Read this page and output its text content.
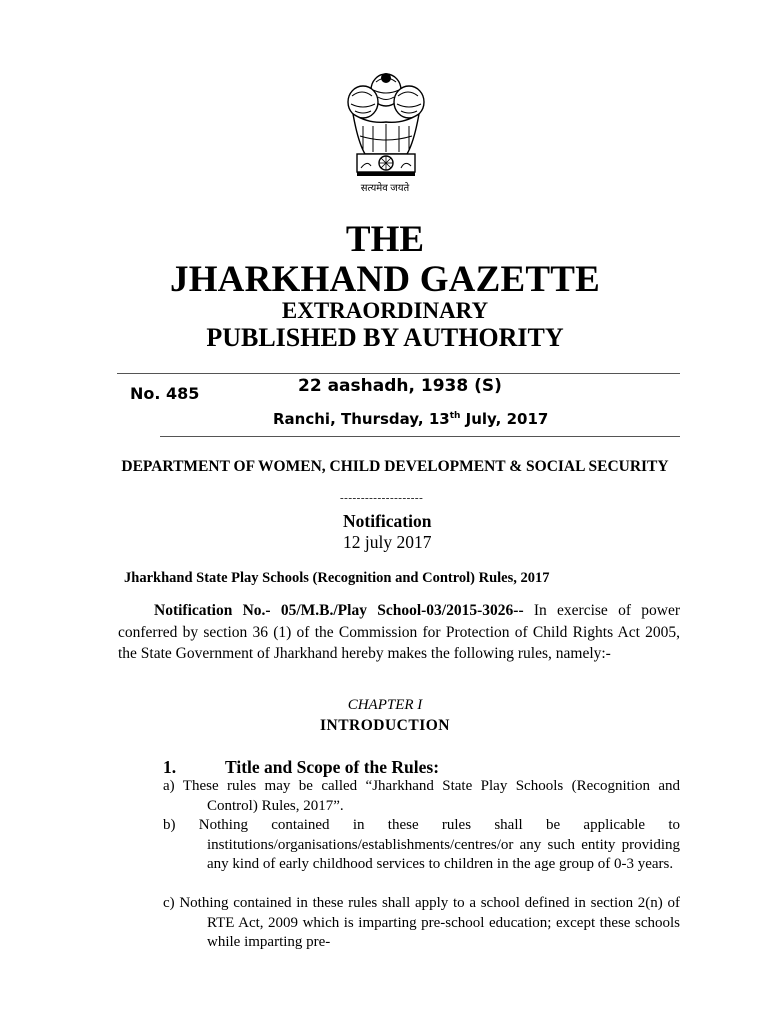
सत्यमेव जयते
THE
JHARKHAND GAZETTE
EXTRAORDINARY
PUBLISHED BY AUTHORITY
No. 485	22 aashadh, 1938 (S)
Ranchi, Thursday, 13th July, 2017
DEPARTMENT OF WOMEN, CHILD DEVELOPMENT & SOCIAL SECURITY
--------------------
Notification
12 july 2017
Jharkhand State Play Schools (Recognition and Control) Rules, 2017
Notification No.- 05/M.B./Play School-03/2015-3026-- In exercise of power conferred by section 36 (1) of the Commission for Protection of Child Rights Act 2005, the State Government of Jharkhand hereby makes the following rules, namely:-
CHAPTER I
INTRODUCTION
1.	Title and Scope of the Rules:
a) These rules may be called “Jharkhand State Play Schools (Recognition and Control) Rules, 2017”.
b) Nothing contained in these rules shall be applicable to institutions/organisations/establishments/centres/or any such entity providing any kind of early childhood services to children in the age group of 0-3 years.
c) Nothing contained in these rules shall apply to a school defined in section 2(n) of RTE Act, 2009 which is imparting pre-school education; except these schools while imparting pre-
